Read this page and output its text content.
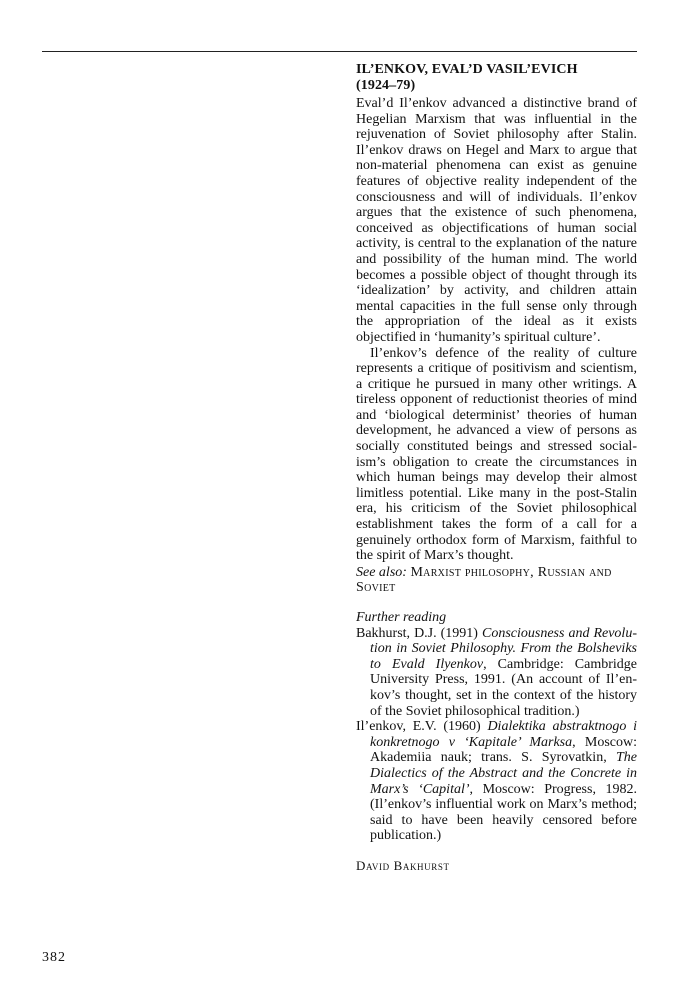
IL’ENKOV, EVAL’D VASIL’EVICH
(1924–79)

Eval’d Il’enkov advanced a distinctive brand of Hegelian Marxism that was influential in the rejuvenation of Soviet philosophy after Stalin. Il’enkov draws on Hegel and Marx to argue that non-material phenomena can exist as genuine features of objective reality independent of the consciousness and will of individuals. Il’enkov argues that the existence of such phenomena, conceived as objectifications of human social activity, is central to the explanation of the nature and possibility of the human mind. The world becomes a possible object of thought through its ‘idealization’ by activity, and children attain mental capacities in the full sense only through the appropriation of the ideal as it exists objectified in ‘humanity’s spiritual culture’.

Il’enkov’s defence of the reality of culture represents a critique of positivism and scientism, a critique he pursued in many other writings. A tireless opponent of reductionist theories of mind and ‘biological determinist’ theories of human development, he advanced a view of persons as socially constituted beings and stressed socialism’s obligation to create the circumstances in which human beings may develop their almost limitless potential. Like many in the post-Stalin era, his criticism of the Soviet philosophical establishment takes the form of a call for a genuinely orthodox form of Marxism, faithful to the spirit of Marx’s thought.

See also: Marxist philosophy, Russian and Soviet

Further reading

Bakhurst, D.J. (1991) Consciousness and Revolution in Soviet Philosophy. From the Bolsheviks to Evald Ilyenkov, Cambridge: Cambridge University Press, 1991. (An account of Il’enkov’s thought, set in the context of the history of the Soviet philosophical tradition.)

Il’enkov, E.V. (1960) Dialektika abstraktnogo i konkretnogo v ‘Kapitale’ Marksa, Moscow: Akademiia nauk; trans. S. Syrovatkin, The Dialectics of the Abstract and the Concrete in Marx’s ‘Capital’, Moscow: Progress, 1982. (Il’enkov’s influential work on Marx’s method; said to have been heavily censored before publication.)

David Bakhurst

382
